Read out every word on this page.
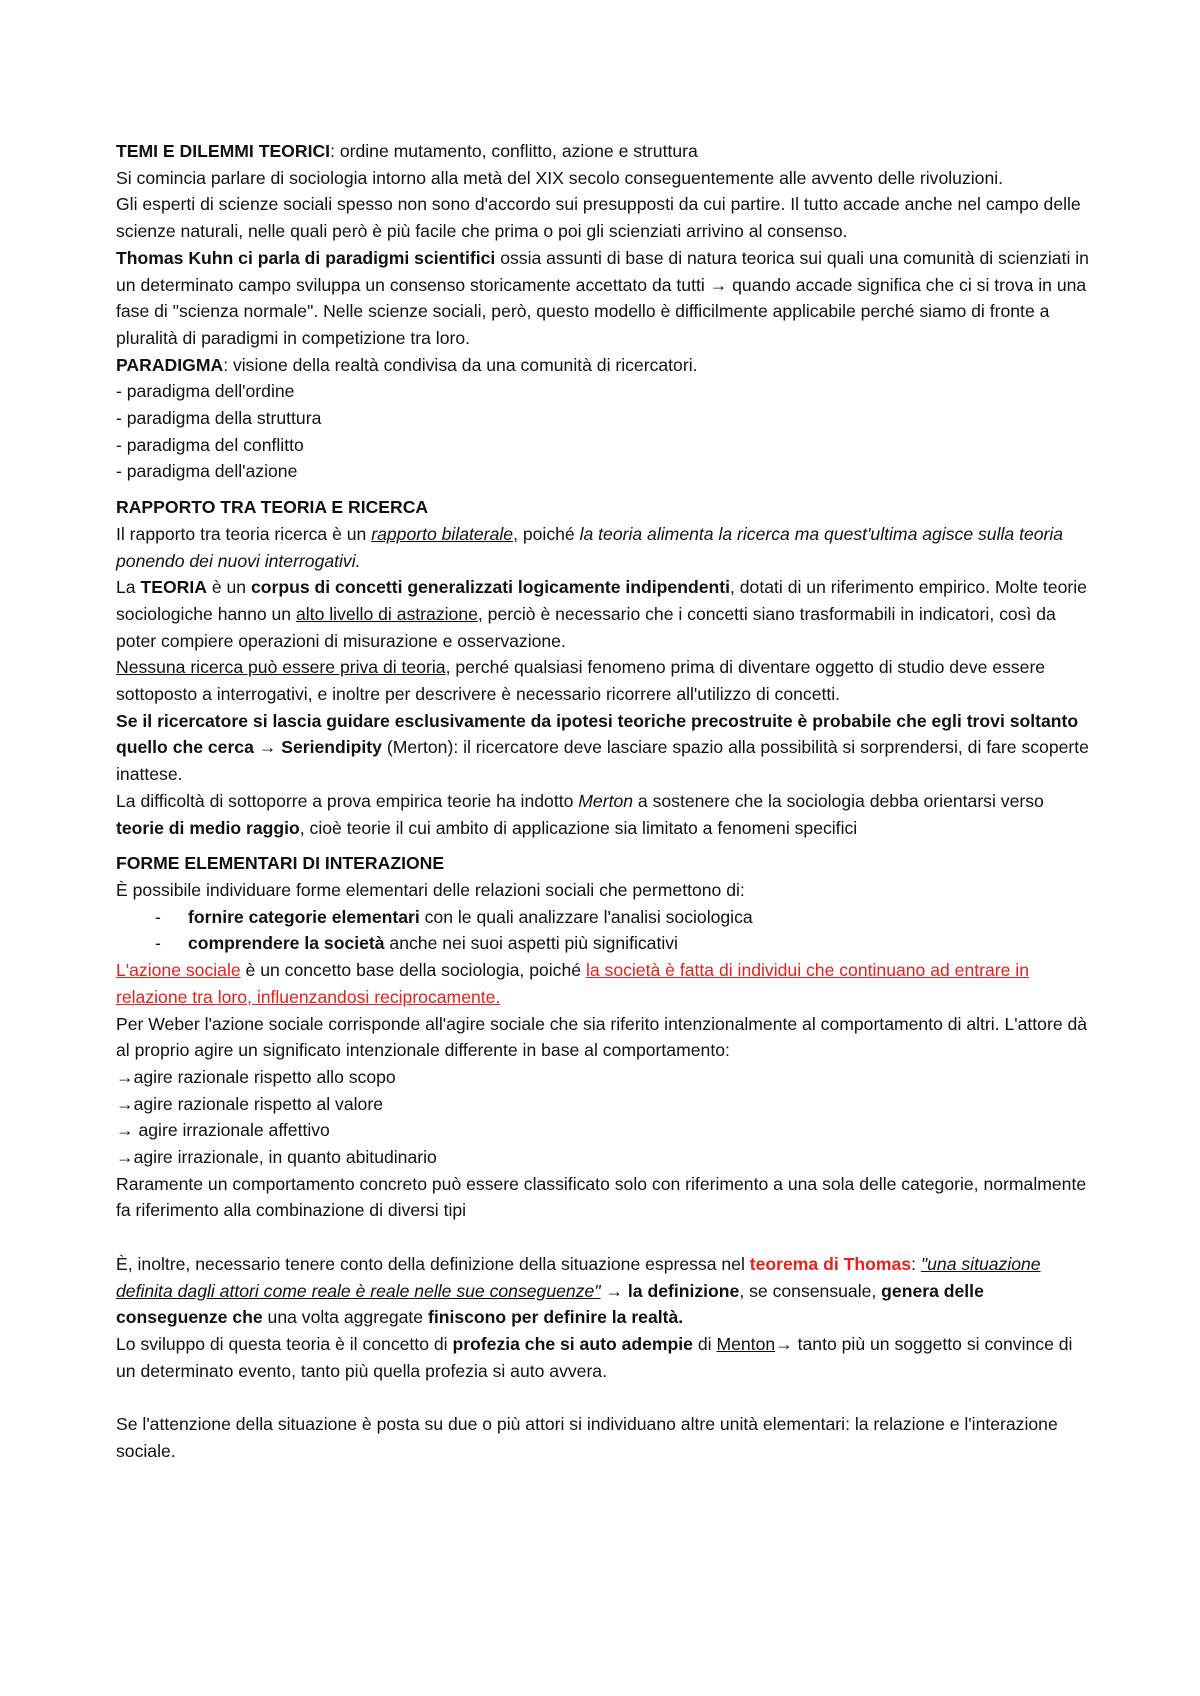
TEMI E DILEMMI TEORICI: ordine mutamento, conflitto, azione e struttura

Si comincia parlare di sociologia intorno alla metà del XIX secolo conseguentemente alle avvento delle rivoluzioni.

Gli esperti di scienze sociali spesso non sono d'accordo sui presupposti da cui partire. Il tutto accade anche nel campo delle scienze naturali, nelle quali però è più facile che prima o poi gli scienziati arrivino al consenso.

Thomas Kuhn ci parla di paradigmi scientifici ossia assunti di base di natura teorica sui quali una comunità di scienziati in un determinato campo sviluppa un consenso storicamente accettato da tutti → quando accade significa che ci si trova in una fase di "scienza normale". Nelle scienze sociali, però, questo modello è difficilmente applicabile perché siamo di fronte a pluralità di paradigmi in competizione tra loro.

PARADIGMA: visione della realtà condivisa da una comunità di ricercatori.

- paradigma dell'ordine

- paradigma della struttura

- paradigma del conflitto

- paradigma dell'azione

RAPPORTO TRA TEORIA E RICERCA

Il rapporto tra teoria ricerca è un rapporto bilaterale, poiché la teoria alimenta la ricerca ma quest'ultima agisce sulla teoria ponendo dei nuovi interrogativi.

La TEORIA è un corpus di concetti generalizzati logicamente indipendenti, dotati di un riferimento empirico. Molte teorie sociologiche hanno un alto livello di astrazione, perciò è necessario che i concetti siano trasformabili in indicatori, così da poter compiere operazioni di misurazione e osservazione.

Nessuna ricerca può essere priva di teoria, perché qualsiasi fenomeno prima di diventare oggetto di studio deve essere sottoposto a interrogativi, e inoltre per descrivere è necessario ricorrere all'utilizzo di concetti.

Se il ricercatore si lascia guidare esclusivamente da ipotesi teoriche precostruite è probabile che egli trovi soltanto quello che cerca → Seriendipity (Merton): il ricercatore deve lasciare spazio alla possibilità si sorprendersi, di fare scoperte inattese.

La difficoltà di sottoporre a prova empirica teorie ha indotto Merton a sostenere che la sociologia debba orientarsi verso teorie di medio raggio, cioè teorie il cui ambito di applicazione sia limitato a fenomeni specifici

FORME ELEMENTARI DI INTERAZIONE

È possibile individuare forme elementari delle relazioni sociali che permettono di:

- fornire categorie elementari con le quali analizzare l'analisi sociologica
- comprendere la società anche nei suoi aspetti più significativi

L'azione sociale è un concetto base della sociologia, poiché la società è fatta di individui che continuano ad entrare in relazione tra loro, influenzandosi reciprocamente.

Per Weber l'azione sociale corrisponde all'agire sociale che sia riferito intenzionalmente al comportamento di altri. L'attore dà al proprio agire un significato intenzionale differente in base al comportamento:

→agire razionale rispetto allo scopo

→agire razionale rispetto al valore

→ agire irrazionale affettivo

→agire irrazionale, in quanto abitudinario

Raramente un comportamento concreto può essere classificato solo con riferimento a una sola delle categorie, normalmente fa riferimento alla combinazione di diversi tipi

È, inoltre, necessario tenere conto della definizione della situazione espressa nel teorema di Thomas: "una situazione definita dagli attori come reale è reale nelle sue conseguenze" → la definizione, se consensuale, genera delle conseguenze che una volta aggregate finiscono per definire la realtà.

Lo sviluppo di questa teoria è il concetto di profezia che si auto adempie di Menton→ tanto più un soggetto si convince di un determinato evento, tanto più quella profezia si auto avvera.

Se l'attenzione della situazione è posta su due o più attori si individuano altre unità elementari: la relazione e l'interazione sociale.
